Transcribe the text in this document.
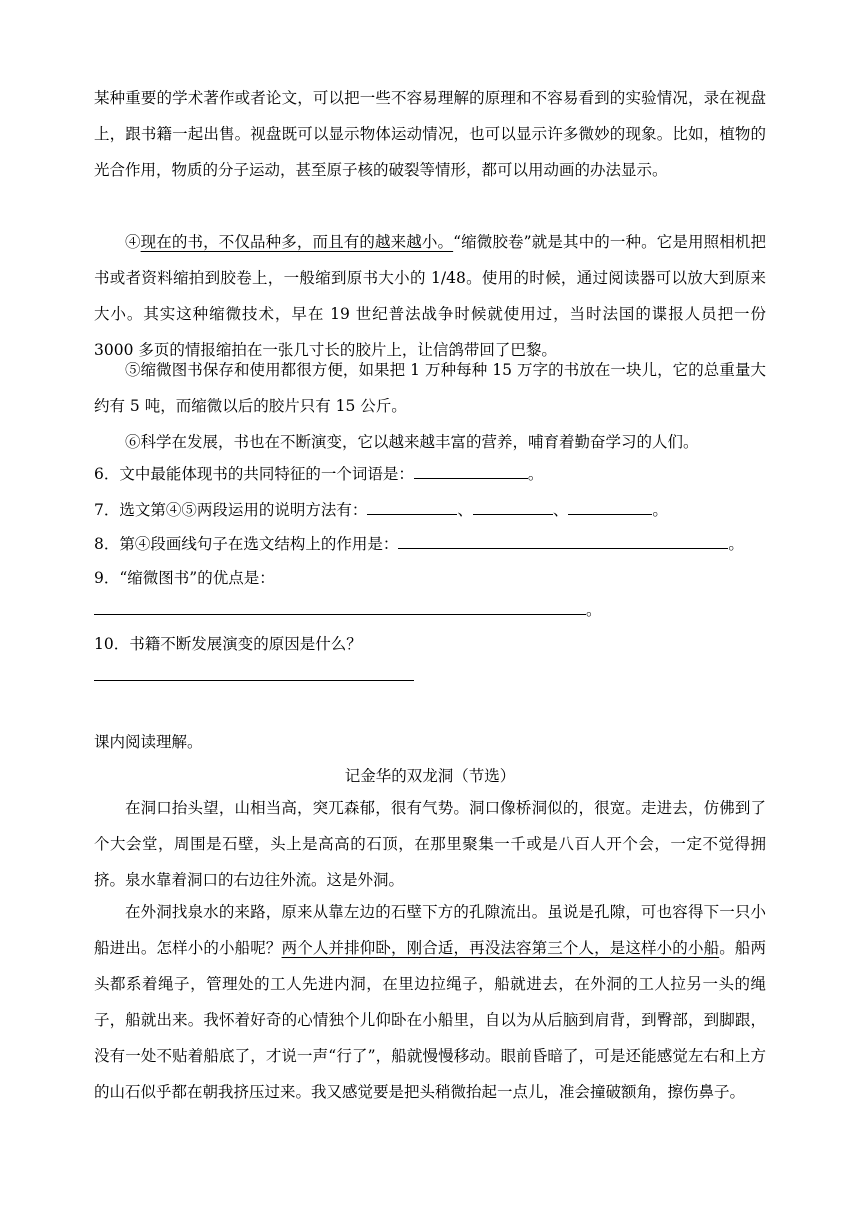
某种重要的学术著作或者论文，可以把一些不容易理解的原理和不容易看到的实验情况，录在视盘上，跟书籍一起出售。视盘既可以显示物体运动情况，也可以显示许多微妙的现象。比如，植物的光合作用，物质的分子运动，甚至原子核的破裂等情形，都可以用动画的办法显示。

④现在的书，不仅品种多，而且有的越来越小。“缩微胶卷”就是其中的一种。它是用照相机把书或者资料缩拍到胶卷上，一般缩到原书大小的 1/48。使用的时候，通过阅读器可以放大到原来大小。其实这种缩微技术，早在 19 世纪普法战争时候就使用过，当时法国的谍报人员把一份 3000 多页的情报缩拍在一张几寸长的胶片上，让信鸽带回了巴黎。

⑤缩微图书保存和使用都很方便，如果把 1 万种每种 15 万字的书放在一块儿，它的总重量大约有 5 吨，而缩微以后的胶片只有 15 公斤。

⑥科学在发展，书也在不断演变，它以越来越丰富的营养，哺育着勤奋学习的人们。

6．文中最能体现书的共同特征的一个词语是：	。

7．选文第④⑤两段运用的说明方法有：	、	、	。

8．第④段画线句子在选文结构上的作用是：	。

9．“缩微图书”的优点是：

。

10．书籍不断发展演变的原因是什么？

课内阅读理解。

记金华的双龙洞（节选）

在洞口抬头望，山相当高，突兀森郁，很有气势。洞口像桥洞似的，很宽。走进去，仿佛到了个大会堂，周围是石壁，头上是高高的石顶，在那里聚集一千或是八百人开个会，一定不觉得拥挤。泉水靠着洞口的右边往外流。这是外洞。

在外洞找泉水的来路，原来从靠左边的石壁下方的孔隙流出。虽说是孔隙，可也容得下一只小船进出。怎样小的小船呢？两个人并排仰卧，刚合适，再没法容第三个人，是这样小的小船。船两头都系着绳子，管理处的工人先进内洞，在里边拉绳子，船就进去，在外洞的工人拉另一头的绳子，船就出来。我怀着好奇的心情独个儿仰卧在小船里，自以为从后脑到肩背，到臀部，到脚跟，没有一处不贴着船底了，才说一声“行了”，船就慢慢移动。眼前昏暗了，可是还能感觉左右和上方的山石似乎都在朝我挤压过来。我又感觉要是把头稍微抬起一点儿，准会撞破额角，擦伤鼻子。
